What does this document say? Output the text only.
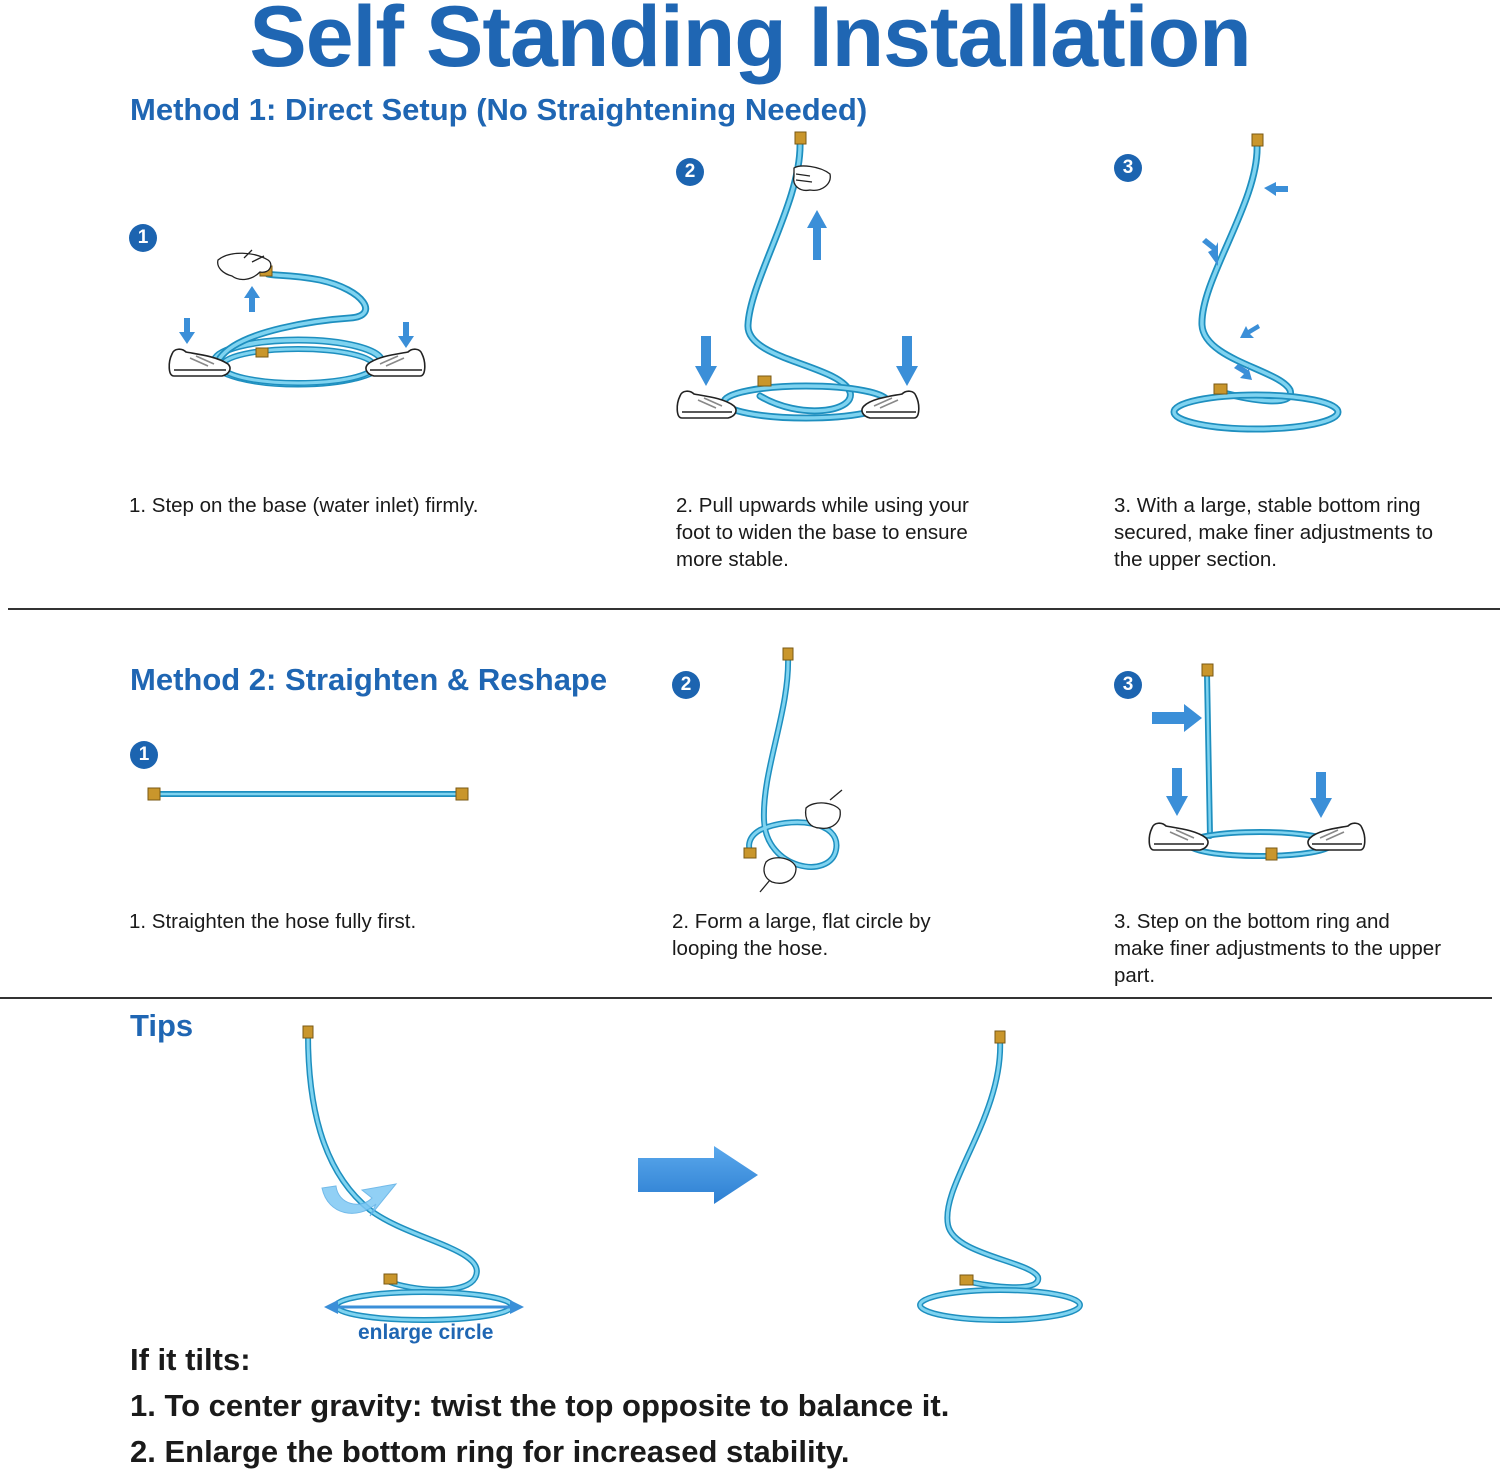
Self Standing Installation
Method 1: Direct Setup (No Straightening Needed)
1
2	3
1. Step on the base (water inlet) firmly.	2. Pull upwards while using your foot to widen the base to ensure more stable.
3. With a large, stable bottom ring secured, make finer adjustments to the upper section.
Method 2: Straighten & Reshape
1
2	3
1. Straighten the hose fully first.	2. Form a large, flat circle by looping the hose.
3. Step on the bottom ring and make finer adjustments to the upper part.
Tips
enlarge circle
If it tilts:
1. To center gravity: twist the top opposite to balance it.
2. Enlarge the bottom ring for increased stability.
